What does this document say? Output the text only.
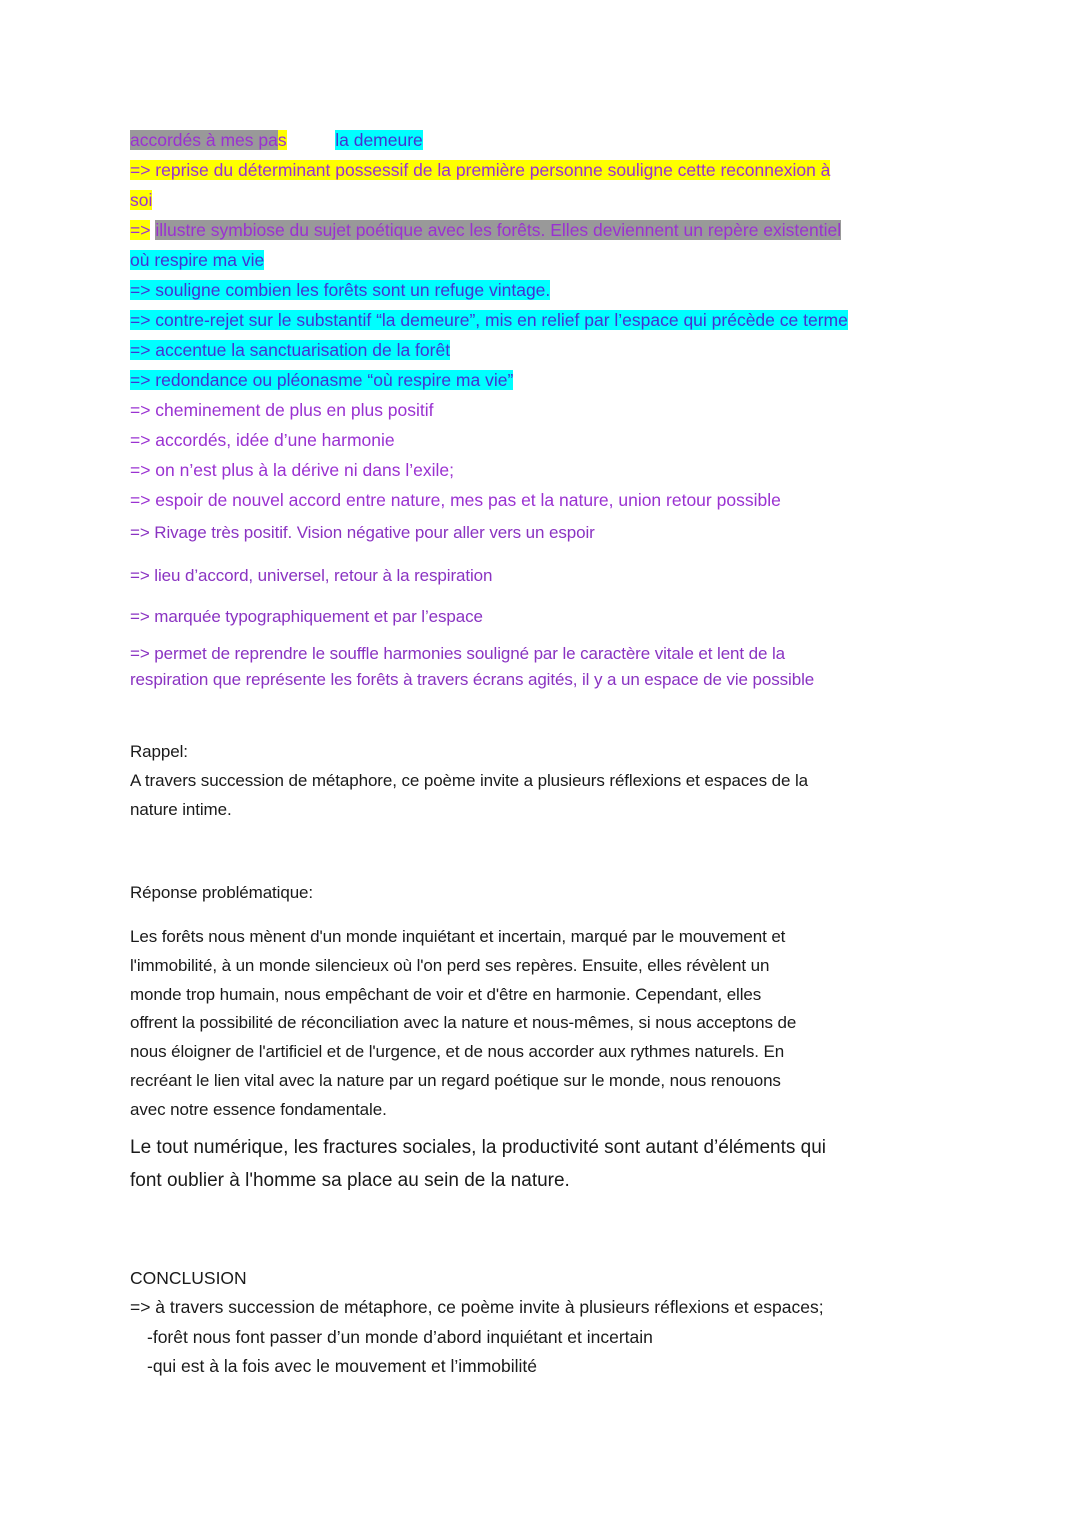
accordés à mes pas	la demeure
=> reprise du déterminant possessif de la première personne souligne cette reconnexion à
soi
=> illustre symbiose du sujet poétique avec les forêts. Elles deviennent un repère existentiel
où respire ma vie
=> souligne combien les forêts sont un refuge vintage.
=> contre-rejet sur le substantif “la demeure”, mis en relief par l’espace qui précède ce terme
=> accentue la sanctuarisation de la forêt
=> redondance ou pléonasme “où respire ma vie”
=> cheminement de plus en plus positif
=> accordés, idée d’une harmonie
=> on n’est plus à la dérive ni dans l’exile;
=> espoir de nouvel accord entre nature, mes pas et la nature, union retour possible
=> Rivage très positif. Vision négative pour aller vers un espoir
=> lieu d’accord, universel, retour à la respiration
=> marquée typographiquement et par l’espace
=> permet de reprendre le souffle harmonies souligné par le caractère vitale et lent de la
respiration que représente les forêts à travers écrans agités, il y a un espace de vie possible
Rappel:
A travers succession de métaphore, ce poème invite a plusieurs réflexions et espaces de la
nature intime.
Réponse problématique:
Les forêts nous mènent d'un monde inquiétant et incertain, marqué par le mouvement et
l'immobilité, à un monde silencieux où l'on perd ses repères. Ensuite, elles révèlent un
monde trop humain, nous empêchant de voir et d'être en harmonie. Cependant, elles
offrent la possibilité de réconciliation avec la nature et nous-mêmes, si nous acceptons de
nous éloigner de l'artificiel et de l'urgence, et de nous accorder aux rythmes naturels. En
recréant le lien vital avec la nature par un regard poétique sur le monde, nous renouons
avec notre essence fondamentale.
Le tout numérique, les fractures sociales, la productivité sont autant d’éléments qui
font oublier à l'homme sa place au sein de la nature.
CONCLUSION
=> à travers succession de métaphore, ce poème invite à plusieurs réflexions et espaces;
-forêt nous font passer d’un monde d’abord inquiétant et incertain
-qui est à la fois avec le mouvement et l’immobilité
